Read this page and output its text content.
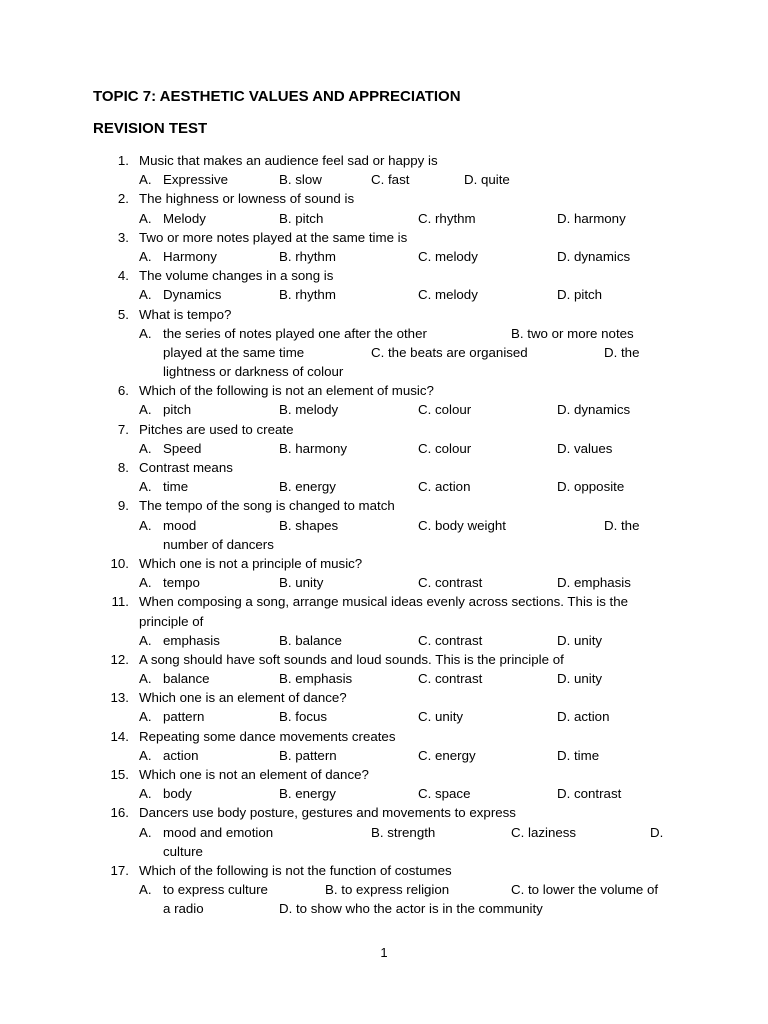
TOPIC 7: AESTHETIC VALUES AND APPRECIATION
REVISION TEST
1. Music that makes an audience feel sad or happy is
A. Expressive	B. slow	C. fast	D. quite
2. The highness or lowness of sound is
A. Melody	B. pitch	C. rhythm	D. harmony
3. Two or more notes played at the same time is
A. Harmony	B. rhythm	C. melody	D. dynamics
4. The volume changes in a song is
A. Dynamics	B. rhythm	C. melody	D. pitch
5. What is tempo?
A. the series of notes played one after the other	B. two or more notes
played at the same time	C. the beats are organised	D. the
lightness or darkness of colour
6. Which of the following is not an element of music?
A. pitch	B. melody	C. colour	D. dynamics
7. Pitches are used to create
A. Speed	B. harmony	C. colour	D. values
8. Contrast means
A. time	B. energy	C. action	D. opposite
9. The tempo of the song is changed to match
A. mood	B. shapes	C. body weight	D. the
number of dancers
10. Which one is not a principle of music?
A. tempo	B. unity	C. contrast	D. emphasis
11. When composing a song, arrange musical ideas evenly across sections. This is the
principle of
A. emphasis	B. balance	C. contrast	D. unity
12. A song should have soft sounds and loud sounds. This is the principle of
A. balance	B. emphasis	C. contrast	D. unity
13. Which one is an element of dance?
A. pattern	B. focus	C. unity	D. action
14. Repeating some dance movements creates
A. action	B. pattern	C. energy	D. time
15. Which one is not an element of dance?
A. body	B. energy	C. space	D. contrast
16. Dancers use body posture, gestures and movements to express
A. mood and emotion	B. strength	C. laziness	D.
culture
17. Which of the following is not the function of costumes
A. to express culture	B. to express religion	C. to lower the volume of
a radio	D. to show who the actor is in the community
1
